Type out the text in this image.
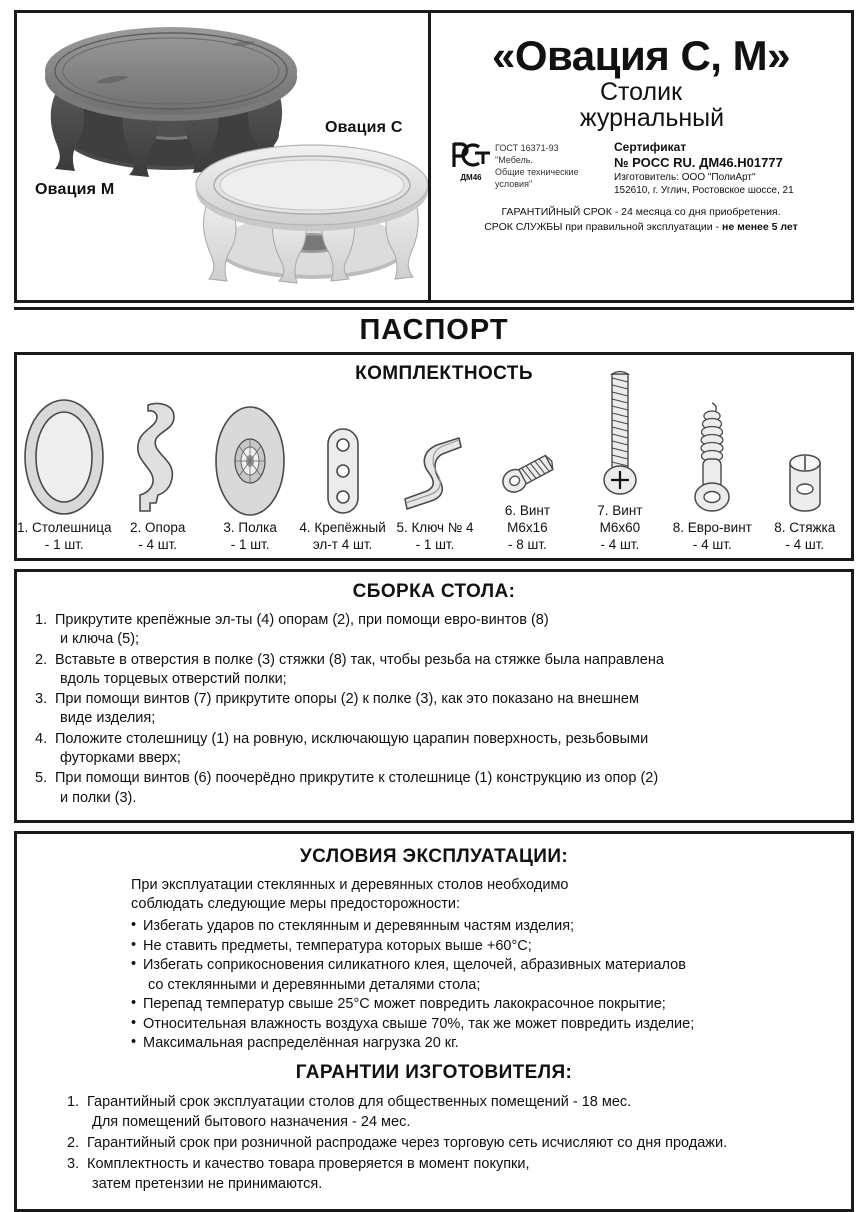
Овация М
Овация С
«Овация С, М»
Столик
журнальный
ДМ46
ГОСТ 16371-93
"Мебель.
Общие технические
условия"
Сертификат
№ РОСС RU. ДМ46.Н01777
Изготовитель: ООО "ПолиАрт"
152610, г. Углич, Ростовское шоссе, 21
ГАРАНТИЙНЫЙ СРОК - 24 месяца со дня приобретения.
СРОК СЛУЖБЫ при правильной эксплуатации - не менее 5 лет
ПАСПОРТ
КОМПЛЕКТНОСТЬ
1. Столешница
- 1 шт.
2. Опора
- 4 шт.
3. Полка
- 1 шт.
4. Крепёжный
эл-т 4 шт.
5. Ключ № 4
- 1 шт.
6. Винт
М6х16
- 8 шт.
7. Винт
М6х60
- 4 шт.
8. Евро-винт
- 4 шт.
8. Стяжка
- 4 шт.
СБОРКА СТОЛА:
1. Прикрутите крепёжные эл-ты (4) опорам (2), при помощи евро-винтов (8)
и ключа (5);
2. Вставьте в отверстия в полке (3) стяжки (8) так, чтобы резьба на стяжке была направлена
вдоль торцевых отверстий полки;
3. При помощи винтов (7) прикрутите опоры (2) к полке (3), как это показано на внешнем
виде изделия;
4. Положите столешницу (1) на ровную, исключающую царапин поверхность, резьбовыми
футорками вверх;
5. При помощи винтов (6) поочерёдно прикрутите к столешнице (1) конструкцию из опор (2)
и полки (3).
УСЛОВИЯ ЭКСПЛУАТАЦИИ:
При эксплуатации стеклянных и деревянных столов необходимо
соблюдать следующие меры предосторожности:
• Избегать ударов по стеклянным и деревянным частям изделия;
• Не ставить предметы, температура которых выше +60°С;
• Избегать соприкосновения силикатного клея, щелочей, абразивных материалов
со стеклянными и деревянными деталями стола;
• Перепад температур свыше 25°С может повредить лакокрасочное покрытие;
• Относительная влажность воздуха свыше 70%, так же может повредить изделие;
• Максимальная распределённая нагрузка 20 кг.
ГАРАНТИИ ИЗГОТОВИТЕЛЯ:
1. Гарантийный срок эксплуатации столов для общественных помещений - 18 мес.
Для помещений бытового назначения - 24 мес.
2. Гарантийный срок при розничной распродаже через торговую сеть исчисляют со дня продажи.
3. Комплектность и качество товара проверяется в момент покупки,
затем претензии не принимаются.
